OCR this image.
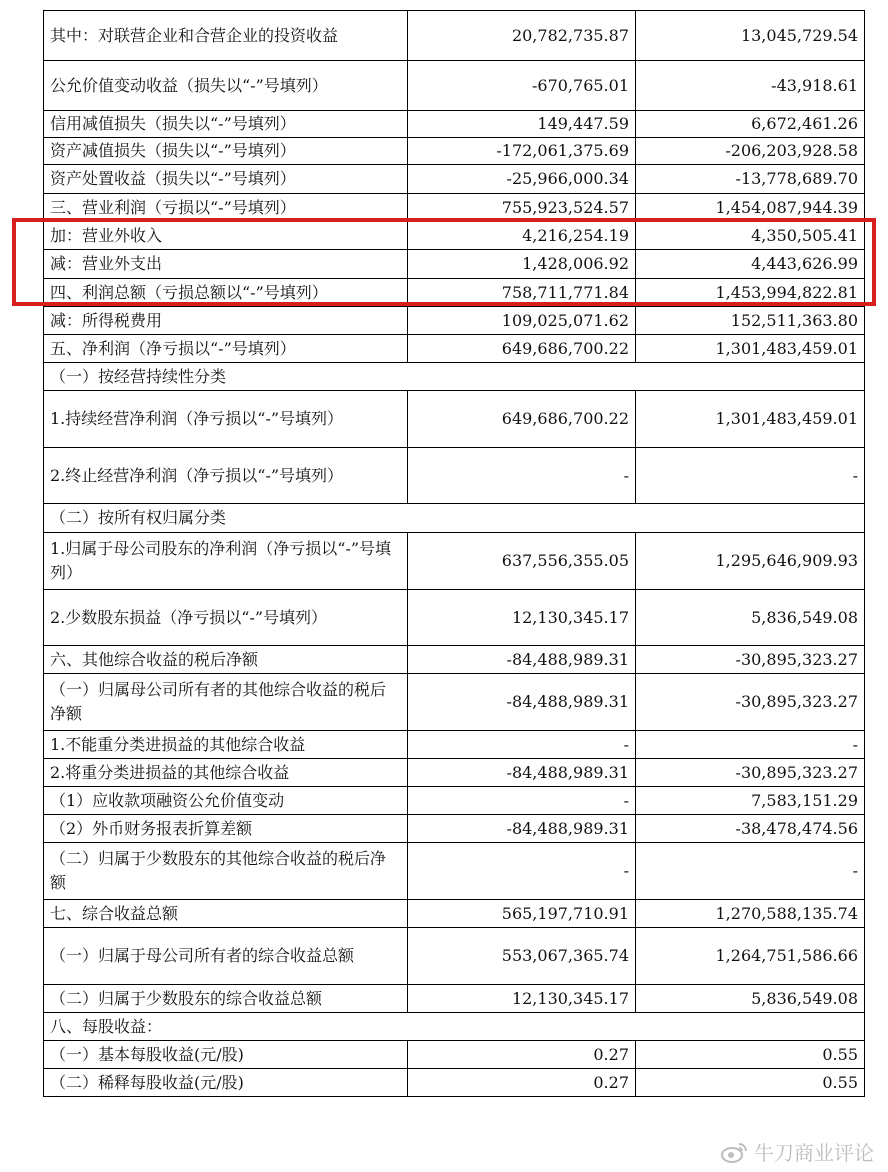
其中：对联营企业和合营企业的投资收益	20,782,735.87	13,045,729.54
公允价值变动收益（损失以“-”号填列）	-670,765.01	-43,918.61
信用减值损失（损失以“-”号填列）	149,447.59	6,672,461.26
资产减值损失（损失以“-”号填列）	-172,061,375.69	-206,203,928.58
资产处置收益（损失以“-”号填列）	-25,966,000.34	-13,778,689.70
三、营业利润（亏损以“-”号填列）	755,923,524.57	1,454,087,944.39
加：营业外收入	4,216,254.19	4,350,505.41
减：营业外支出	1,428,006.92	4,443,626.99
四、利润总额（亏损总额以“-”号填列）	758,711,771.84	1,453,994,822.81
减：所得税费用	109,025,071.62	152,511,363.80
五、净利润（净亏损以“-”号填列）	649,686,700.22	1,301,483,459.01
（一）按经营持续性分类		
1.持续经营净利润（净亏损以“-”号填列）	649,686,700.22	1,301,483,459.01
2.终止经营净利润（净亏损以“-”号填列）	-	-
（二）按所有权归属分类		
1.归属于母公司股东的净利润（净亏损以“-”号填列）	637,556,355.05	1,295,646,909.93
2.少数股东损益（净亏损以“-”号填列）	12,130,345.17	5,836,549.08
六、其他综合收益的税后净额	-84,488,989.31	-30,895,323.27
（一）归属母公司所有者的其他综合收益的税后净额	-84,488,989.31	-30,895,323.27
1.不能重分类进损益的其他综合收益	-	-
2.将重分类进损益的其他综合收益	-84,488,989.31	-30,895,323.27
（1）应收款项融资公允价值变动	-	7,583,151.29
（2）外币财务报表折算差额	-84,488,989.31	-38,478,474.56
（二）归属于少数股东的其他综合收益的税后净额	-	-
七、综合收益总额	565,197,710.91	1,270,588,135.74
（一）归属于母公司所有者的综合收益总额	553,067,365.74	1,264,751,586.66
（二）归属于少数股东的综合收益总额	12,130,345.17	5,836,549.08
八、每股收益：		
（一）基本每股收益(元/股)	0.27	0.55
（二）稀释每股收益(元/股)	0.27	0.55
牛刀商业评论
